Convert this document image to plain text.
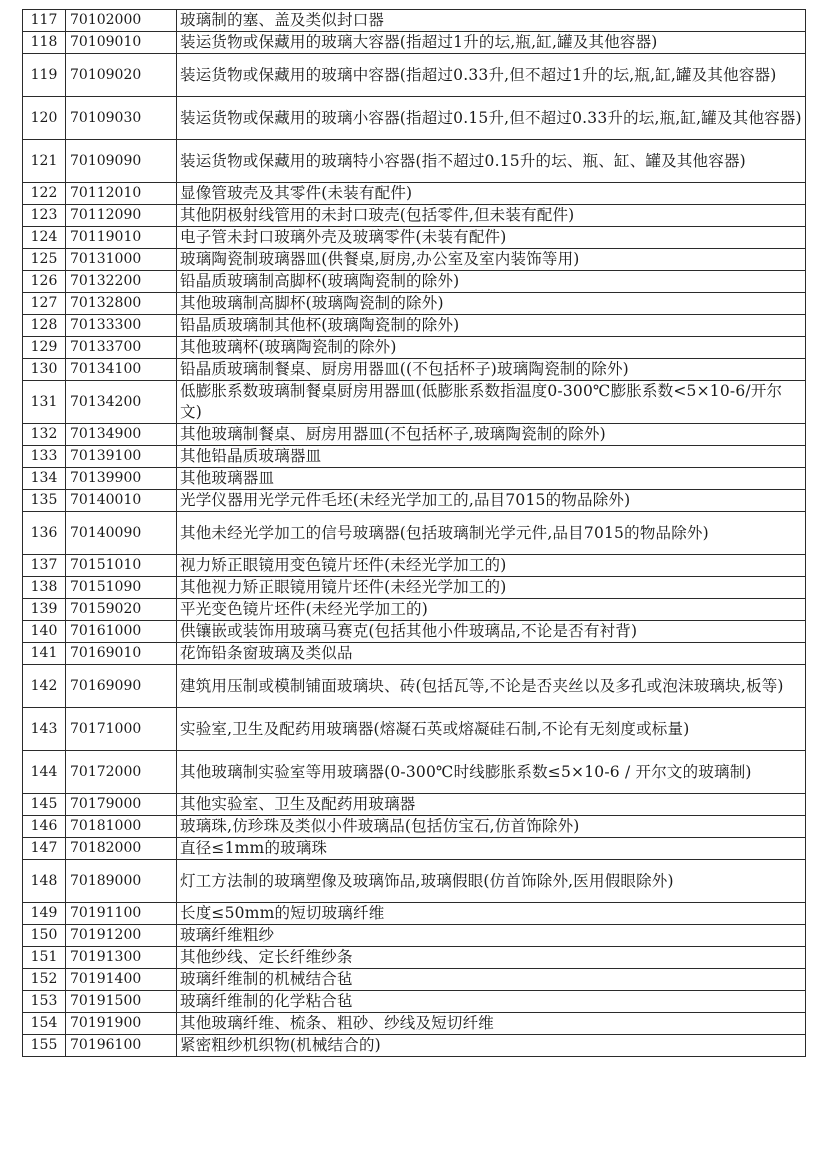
117	70102000	玻璃制的塞、盖及类似封口器
118	70109010	装运货物或保藏用的玻璃大容器(指超过1升的坛,瓶,缸,罐及其他容器)
119	70109020	装运货物或保藏用的玻璃中容器(指超过0.33升,但不超过1升的坛,瓶,缸,罐及其他容器)
120	70109030	装运货物或保藏用的玻璃小容器(指超过0.15升,但不超过0.33升的坛,瓶,缸,罐及其他容器)
121	70109090	装运货物或保藏用的玻璃特小容器(指不超过0.15升的坛、瓶、缸、罐及其他容器)
122	70112010	显像管玻壳及其零件(未装有配件)
123	70112090	其他阴极射线管用的未封口玻壳(包括零件,但未装有配件)
124	70119010	电子管未封口玻璃外壳及玻璃零件(未装有配件)
125	70131000	玻璃陶瓷制玻璃器皿(供餐桌,厨房,办公室及室内装饰等用)
126	70132200	铅晶质玻璃制高脚杯(玻璃陶瓷制的除外)
127	70132800	其他玻璃制高脚杯(玻璃陶瓷制的除外)
128	70133300	铅晶质玻璃制其他杯(玻璃陶瓷制的除外)
129	70133700	其他玻璃杯(玻璃陶瓷制的除外)
130	70134100	铅晶质玻璃制餐桌、厨房用器皿((不包括杯子)玻璃陶瓷制的除外)
131	70134200	低膨胀系数玻璃制餐桌厨房用器皿(低膨胀系数指温度0-300℃膨胀系数<5×10-6/开尔文)
132	70134900	其他玻璃制餐桌、厨房用器皿(不包括杯子,玻璃陶瓷制的除外)
133	70139100	其他铅晶质玻璃器皿
134	70139900	其他玻璃器皿
135	70140010	光学仪器用光学元件毛坯(未经光学加工的,品目7015的物品除外)
136	70140090	其他未经光学加工的信号玻璃器(包括玻璃制光学元件,品目7015的物品除外)
137	70151010	视力矫正眼镜用变色镜片坯件(未经光学加工的)
138	70151090	其他视力矫正眼镜用镜片坯件(未经光学加工的)
139	70159020	平光变色镜片坯件(未经光学加工的)
140	70161000	供镶嵌或装饰用玻璃马赛克(包括其他小件玻璃品,不论是否有衬背)
141	70169010	花饰铅条窗玻璃及类似品
142	70169090	建筑用压制或模制铺面玻璃块、砖(包括瓦等,不论是否夹丝以及多孔或泡沫玻璃块,板等)
143	70171000	实验室,卫生及配药用玻璃器(熔凝石英或熔凝硅石制,不论有无刻度或标量)
144	70172000	其他玻璃制实验室等用玻璃器(0-300℃时线膨胀系数≤5×10-6 / 开尔文的玻璃制)
145	70179000	其他实验室、卫生及配药用玻璃器
146	70181000	玻璃珠,仿珍珠及类似小件玻璃品(包括仿宝石,仿首饰除外)
147	70182000	直径≤1mm的玻璃珠
148	70189000	灯工方法制的玻璃塑像及玻璃饰品,玻璃假眼(仿首饰除外,医用假眼除外)
149	70191100	长度≤50mm的短切玻璃纤维
150	70191200	玻璃纤维粗纱
151	70191300	其他纱线、定长纤维纱条
152	70191400	玻璃纤维制的机械结合毡
153	70191500	玻璃纤维制的化学粘合毡
154	70191900	其他玻璃纤维、梳条、粗砂、纱线及短切纤维
155	70196100	紧密粗纱机织物(机械结合的)
